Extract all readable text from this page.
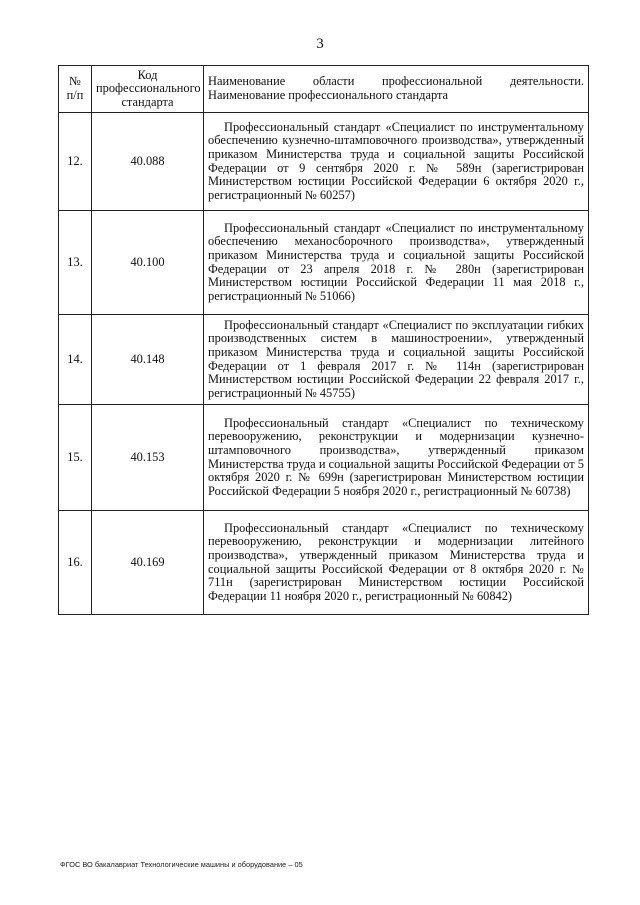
3
№ п/п	Код профессионального стандарта	Наименование области профессиональной деятельности. Наименование профессионального стандарта
12.	40.088	Профессиональный стандарт «Специалист по инструментальному обеспечению кузнечно-штамповочного производства», утвержденный приказом Министерства труда и социальной защиты Российской Федерации от 9 сентября 2020 г. № 589н (зарегистрирован Министерством юстиции Российской Федерации 6 октября 2020 г., регистрационный № 60257)
13.	40.100	Профессиональный стандарт «Специалист по инструментальному обеспечению механосборочного производства», утвержденный приказом Министерства труда и социальной защиты Российской Федерации от 23 апреля 2018 г. № 280н (зарегистрирован Министерством юстиции Российской Федерации 11 мая 2018 г., регистрационный № 51066)
14.	40.148	Профессиональный стандарт «Специалист по эксплуатации гибких производственных систем в машиностроении», утвержденный приказом Министерства труда и социальной защиты Российской Федерации от 1 февраля 2017 г. № 114н (зарегистрирован Министерством юстиции Российской Федерации 22 февраля 2017 г., регистрационный № 45755)
15.	40.153	Профессиональный стандарт «Специалист по техническому перевооружению, реконструкции и модернизации кузнечно-штамповочного производства», утвержденный приказом Министерства труда и социальной защиты Российской Федерации от 5 октября 2020 г. № 699н (зарегистрирован Министерством юстиции Российской Федерации 5 ноября 2020 г., регистрационный № 60738)
16.	40.169	Профессиональный стандарт «Специалист по техническому перевооружению, реконструкции и модернизации литейного производства», утвержденный приказом Министерства труда и социальной защиты Российской Федерации от 8 октября 2020 г. № 711н (зарегистрирован Министерством юстиции Российской Федерации 11 ноября 2020 г., регистрационный № 60842)
ФГОС ВО бакалавриат Технологические машины и оборудование – 05
